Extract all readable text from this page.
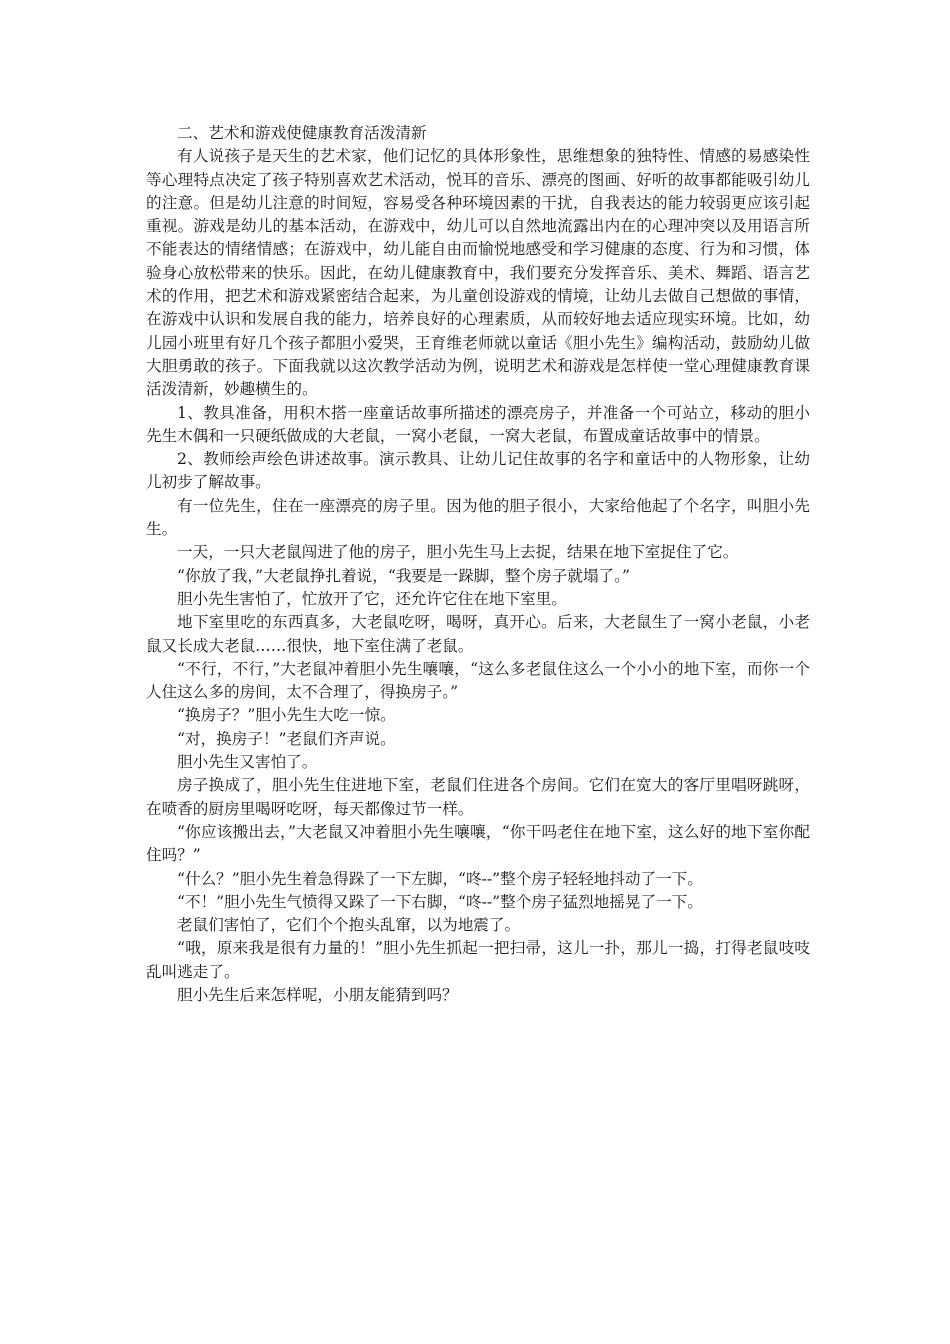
二、艺术和游戏使健康教育活泼清新

有人说孩子是天生的艺术家，他们记忆的具体形象性，思维想象的独特性、情感的易感染性等心理特点决定了孩子特别喜欢艺术活动，悦耳的音乐、漂亮的图画、好听的故事都能吸引幼儿的注意。但是幼儿注意的时间短，容易受各种环境因素的干扰，自我表达的能力较弱更应该引起重视。游戏是幼儿的基本活动，在游戏中，幼儿可以自然地流露出内在的心理冲突以及用语言所不能表达的情绪情感；在游戏中，幼儿能自由而愉悦地感受和学习健康的态度、行为和习惯，体验身心放松带来的快乐。因此，在幼儿健康教育中，我们要充分发挥音乐、美术、舞蹈、语言艺术的作用，把艺术和游戏紧密结合起来，为儿童创设游戏的情境，让幼儿去做自己想做的事情，在游戏中认识和发展自我的能力，培养良好的心理素质，从而较好地去适应现实环境。比如，幼儿园小班里有好几个孩子都胆小爱哭，王育维老师就以童话《胆小先生》编构活动，鼓励幼儿做大胆勇敢的孩子。下面我就以这次教学活动为例，说明艺术和游戏是怎样使一堂心理健康教育课活泼清新，妙趣横生的。

1、教具准备，用积木搭一座童话故事所描述的漂亮房子，并准备一个可站立，移动的胆小先生木偶和一只硬纸做成的大老鼠，一窝小老鼠，一窝大老鼠，布置成童话故事中的情景。

2、教师绘声绘色讲述故事。演示教具、让幼儿记住故事的名字和童话中的人物形象，让幼儿初步了解故事。

有一位先生，住在一座漂亮的房子里。因为他的胆子很小，大家给他起了个名字，叫胆小先生。

一天，一只大老鼠闯进了他的房子，胆小先生马上去捉，结果在地下室捉住了它。

“你放了我，”大老鼠挣扎着说，“我要是一跺脚，整个房子就塌了。”

胆小先生害怕了，忙放开了它，还允许它住在地下室里。

地下室里吃的东西真多，大老鼠吃呀，喝呀，真开心。后来，大老鼠生了一窝小老鼠，小老鼠又长成大老鼠……很快，地下室住满了老鼠。

“不行，不行，”大老鼠冲着胆小先生嚷嚷，“这么多老鼠住这么一个小小的地下室，而你一个人住这么多的房间，太不合理了，得换房子。”

“换房子？”胆小先生大吃一惊。

“对，换房子！”老鼠们齐声说。

胆小先生又害怕了。

房子换成了，胆小先生住进地下室，老鼠们住进各个房间。它们在宽大的客厅里唱呀跳呀，在喷香的厨房里喝呀吃呀，每天都像过节一样。

“你应该搬出去，”大老鼠又冲着胆小先生嚷嚷，“你干吗老住在地下室，这么好的地下室你配住吗？”

“什么？”胆小先生着急得跺了一下左脚，“咚--”整个房子轻轻地抖动了一下。

“不！”胆小先生气愤得又跺了一下右脚，“咚--”整个房子猛烈地摇晃了一下。

老鼠们害怕了，它们个个抱头乱窜，以为地震了。

“哦，原来我是很有力量的！”胆小先生抓起一把扫帚，这儿一扑，那儿一捣，打得老鼠吱吱乱叫逃走了。

胆小先生后来怎样呢，小朋友能猜到吗？
